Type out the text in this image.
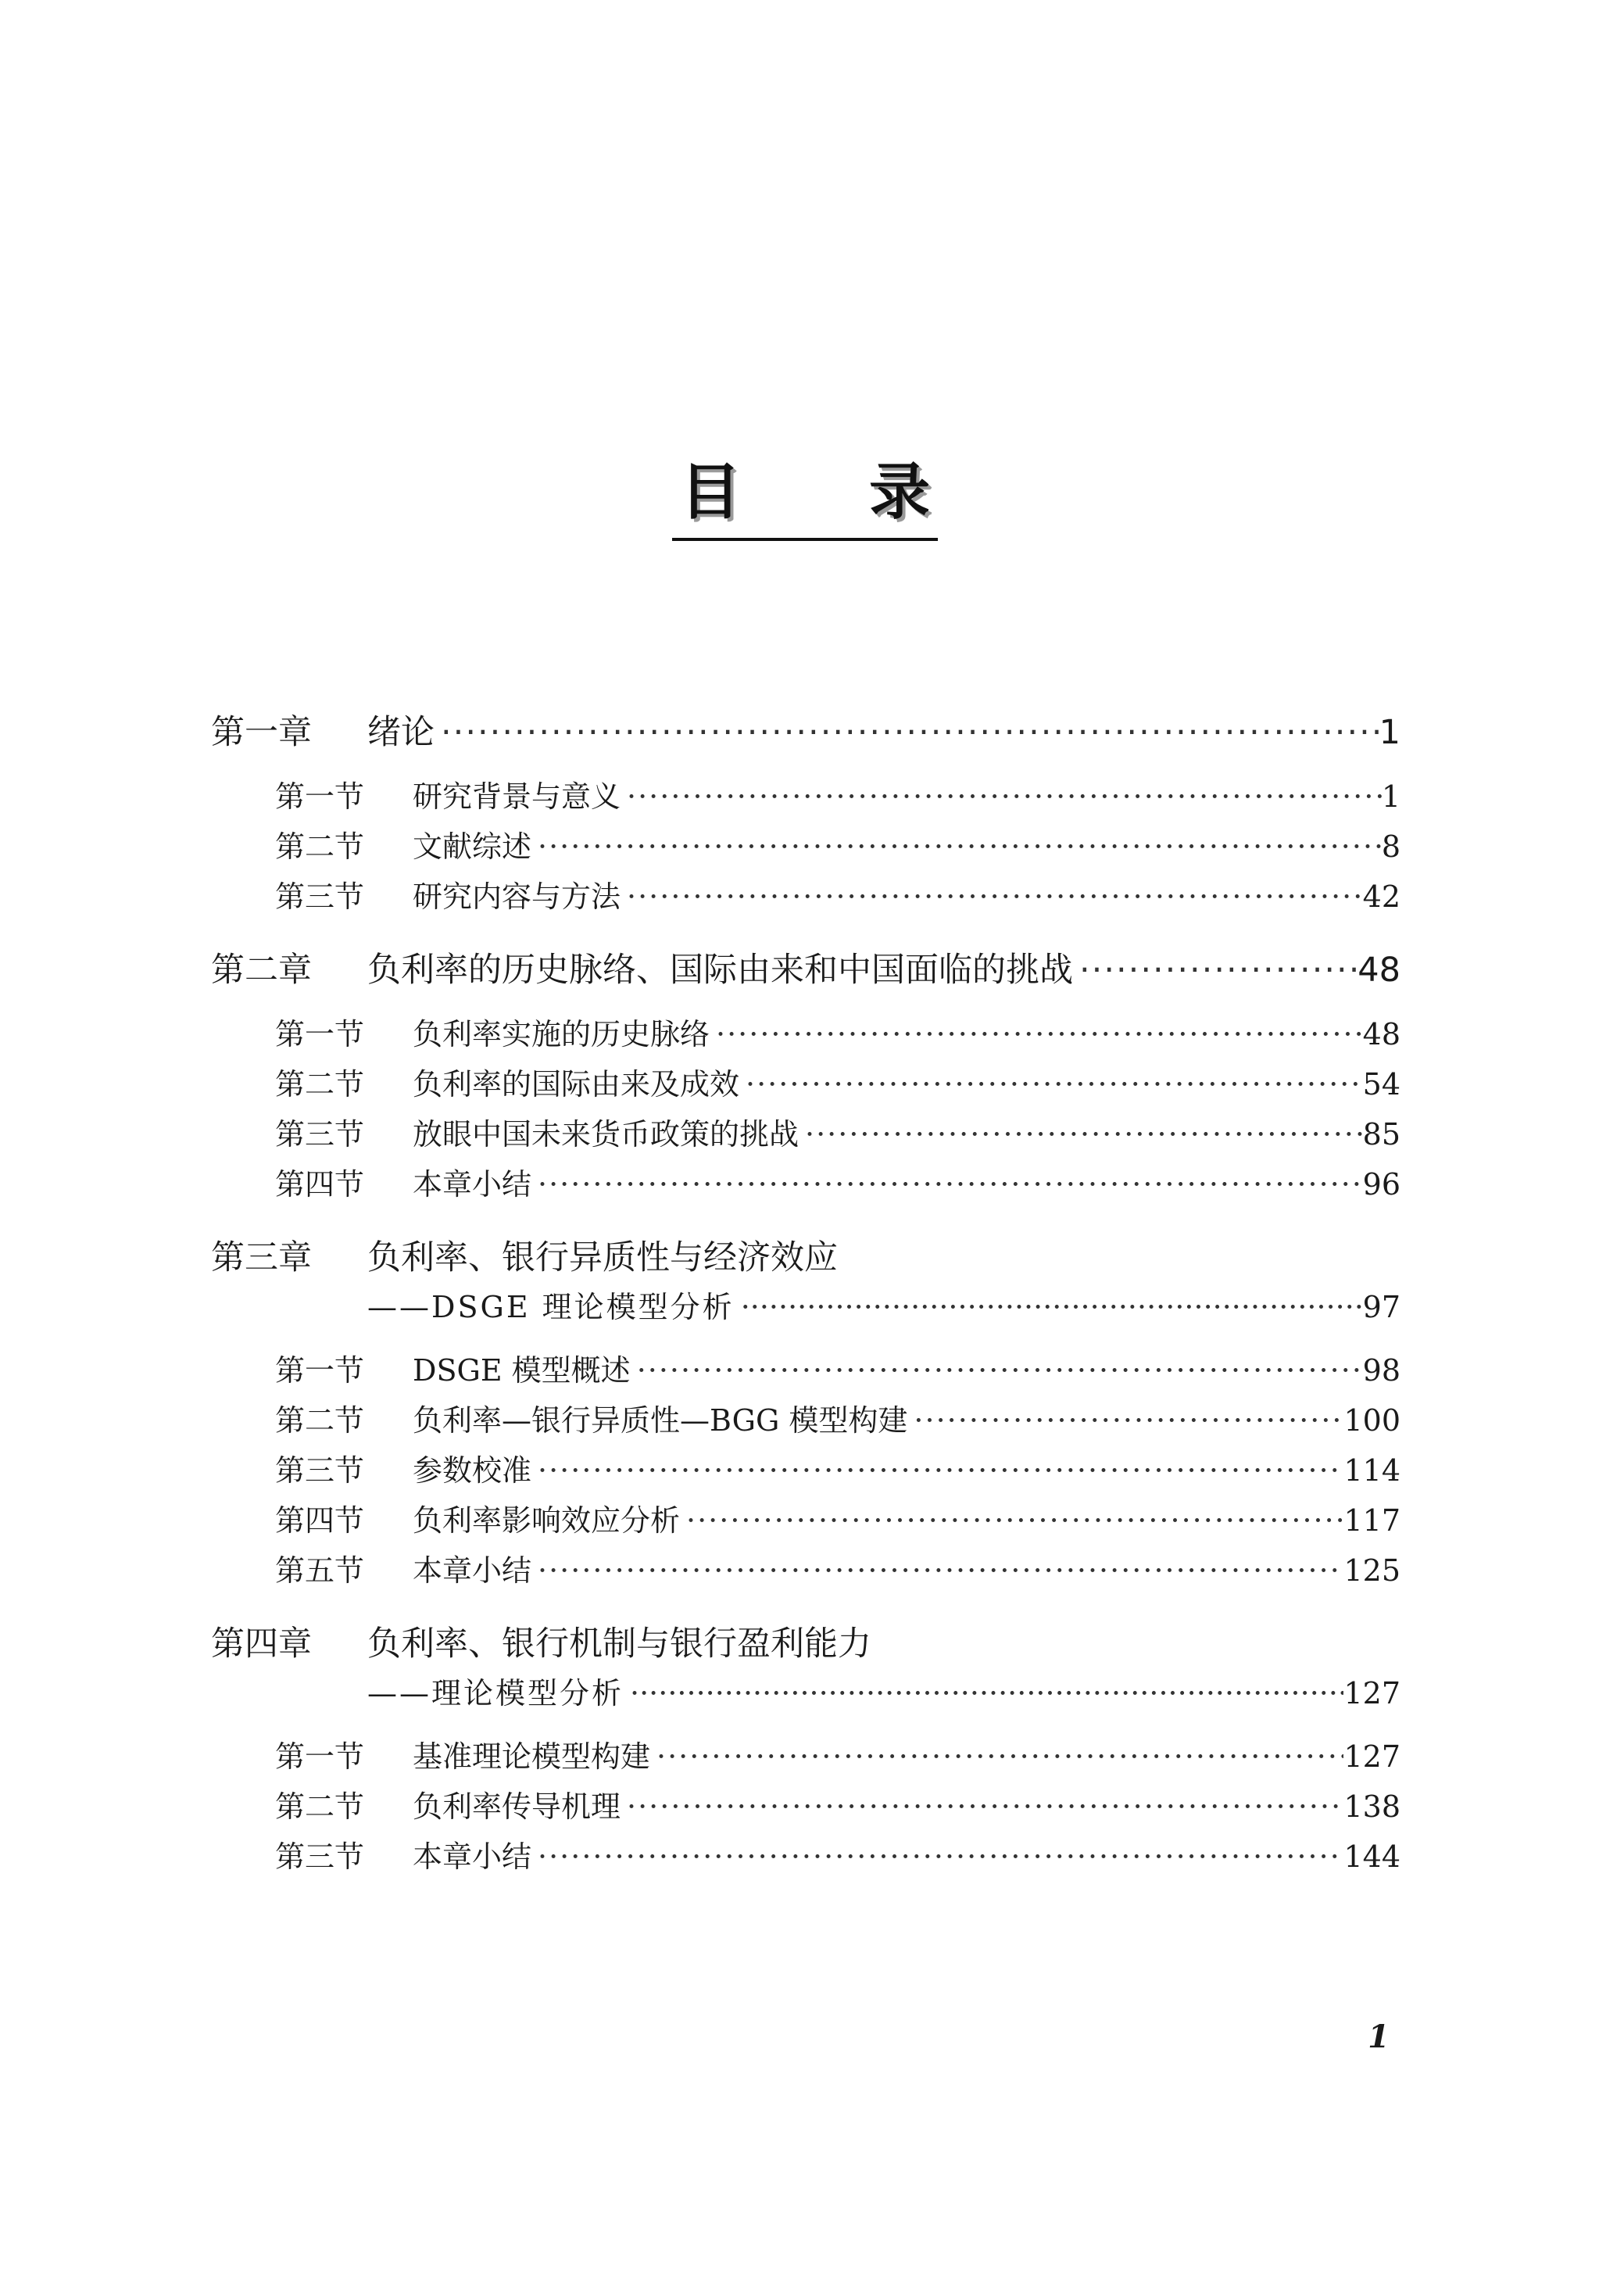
目 录
第一章	绪论 ·····	1
第一节	研究背景与意义 ·····	1
第二节	文献综述 ·····	8
第三节	研究内容与方法 ·····	42
第二章	负利率的历史脉络、国际由来和中国面临的挑战 ·····	48
第一节	负利率实施的历史脉络 ·····	48
第二节	负利率的国际由来及成效 ·····	54
第三节	放眼中国未来货币政策的挑战 ·····	85
第四节	本章小结 ·····	96
第三章	负利率、银行异质性与经济效应
——DSGE 理论模型分析 ·····	97
第一节	DSGE 模型概述 ·····	98
第二节	负利率—银行异质性—BGG 模型构建 ·····	100
第三节	参数校准 ·····	114
第四节	负利率影响效应分析 ·····	117
第五节	本章小结 ·····	125
第四章	负利率、银行机制与银行盈利能力
——理论模型分析 ·····	127
第一节	基准理论模型构建 ·····	127
第二节	负利率传导机理 ·····	138
第三节	本章小结 ·····	144
1
